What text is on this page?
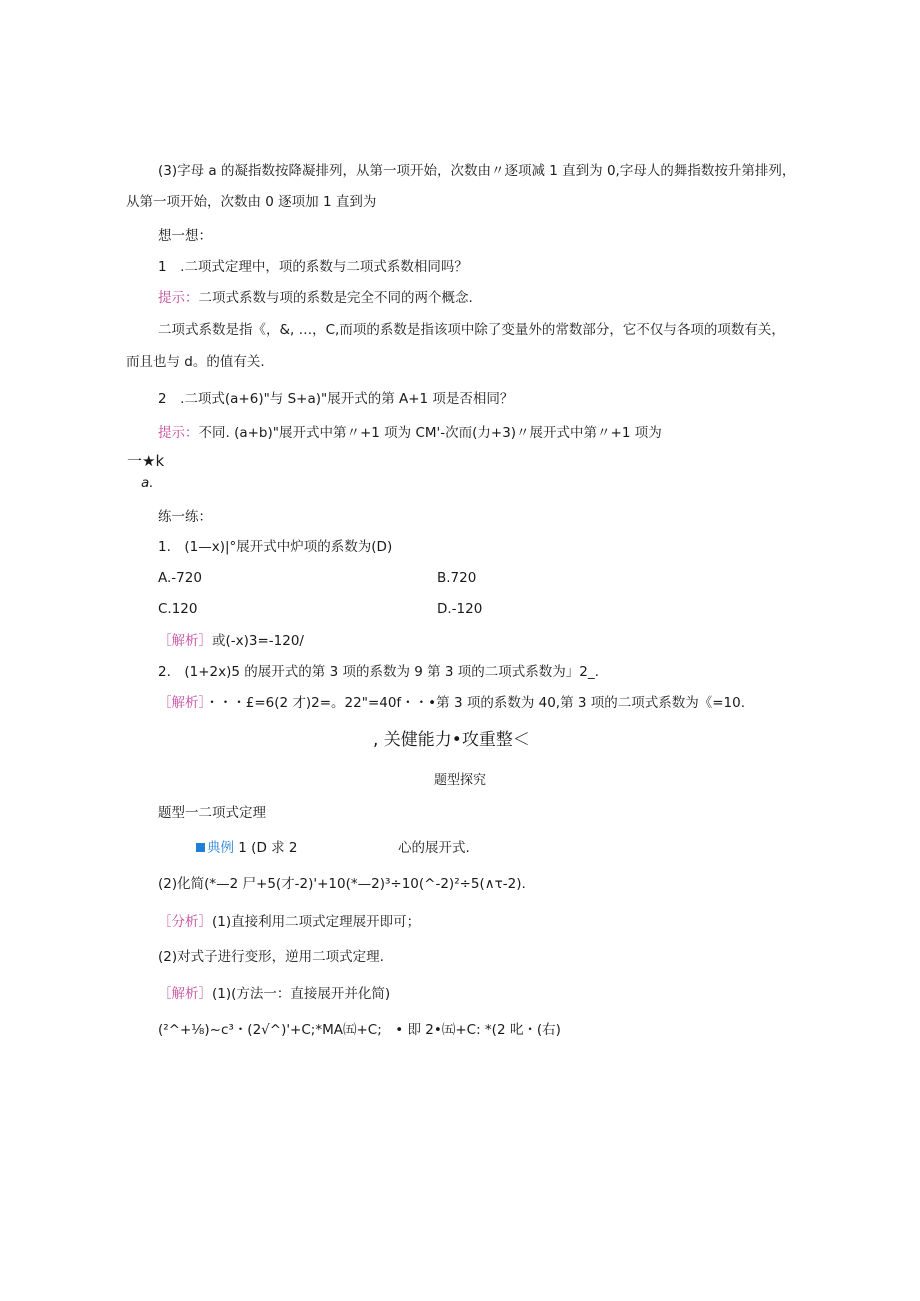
(3)字母 a 的凝指数按降凝排列，从第一项开始，次数由〃逐项减 1 直到为 0,字母人的舞指数按升第排列，
从第一项开始，次数由 0 逐项加 1 直到为
想一想：
1　.二项式定理中，项的系数与二项式系数相同吗？
提示：二项式系数与项的系数是完全不同的两个概念.
二项式系数是指《，&, …，C,而项的系数是指该项中除了变量外的常数部分，它不仅与各项的项数有关，
而且也与 d。的值有关.
2　.二项式(a+6)"与 S+a)"展开式的第 A+1 项是否相同？
提示：不同. (a+b)"展开式中第〃+1 项为 CM'-次而(力+3)〃展开式中第〃+1 项为
一★k
a.
练一练：
1.　(1—x)|°展开式中炉项的系数为(D)
A.-720	B.720
C.120	D.-120
［解析］或(-x)3=-120/
2.　(1+2x)5 的展开式的第 3 项的系数为 9 第 3 项的二项式系数为」2_.
［解析］・・・£=6(2 才)2=。22"=40f・・•第 3 项的系数为 40,第 3 项的二项式系数为《=10.
, 关健能力•攻重整＜
题型探究
题型一二项式定理
典例 1 (D 求 2	心的展开式.
(2)化简(*—2 尸+5(才-2)'+10(*—2)³÷10(^-2)²÷5(∧τ-2).
［分析］(1)直接利用二项式定理展开即可；
(2)对式子进行变形，逆用二项式定理.
［解析］(1)(方法一：直接展开并化简)
(²^+⅛)~c³・(2√^)'+C;*MA㈤+C;　• 即 2•㈤+C: *(2 叱・(右)
